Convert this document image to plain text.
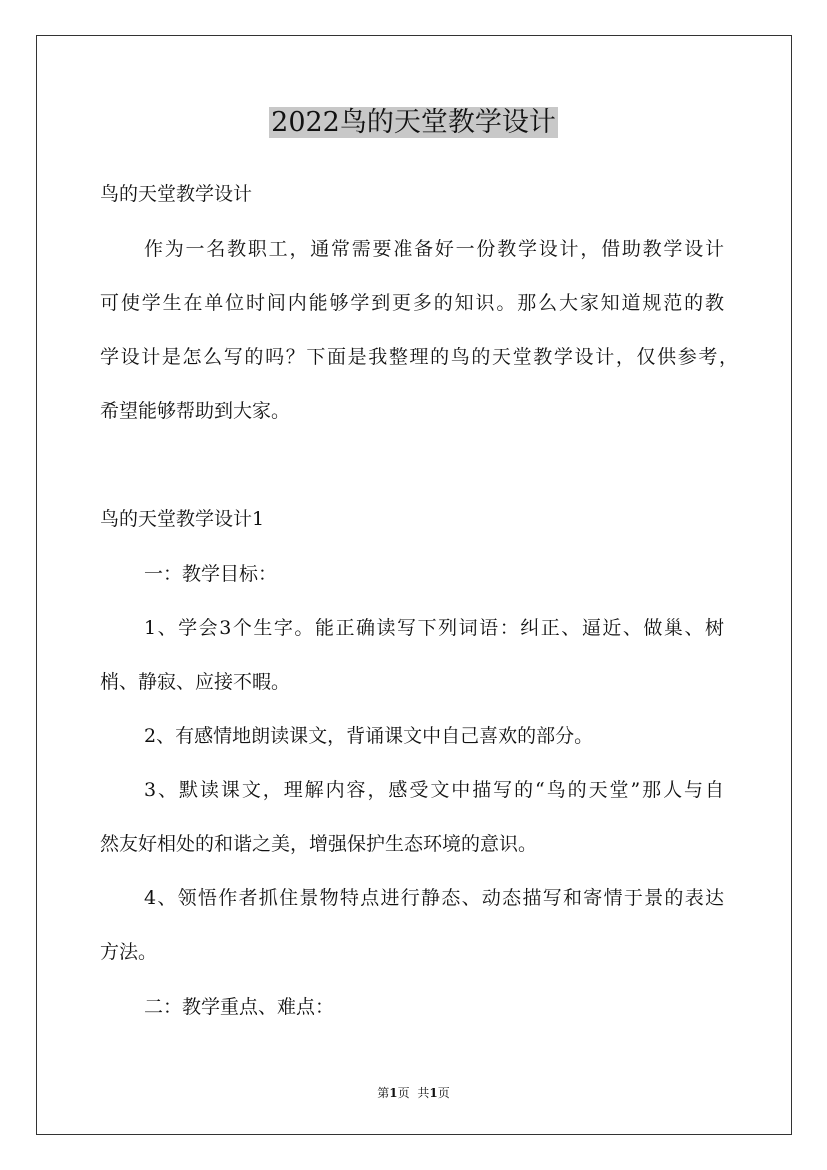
2022鸟的天堂教学设计

鸟的天堂教学设计

作为一名教职工，通常需要准备好一份教学设计，借助教学设计

可使学生在单位时间内能够学到更多的知识。那么大家知道规范的教

学设计是怎么写的吗？下面是我整理的鸟的天堂教学设计，仅供参考，

希望能够帮助到大家。

鸟的天堂教学设计1

一：教学目标：

1、学会3个生字。能正确读写下列词语：纠正、逼近、做巢、树

梢、静寂、应接不暇。

2、有感情地朗读课文，背诵课文中自己喜欢的部分。

3、默读课文，理解内容，感受文中描写的“鸟的天堂”那人与自

然友好相处的和谐之美，增强保护生态环境的意识。

4、领悟作者抓住景物特点进行静态、动态描写和寄情于景的表达

方法。

二：教学重点、难点：

第1页 共1页
